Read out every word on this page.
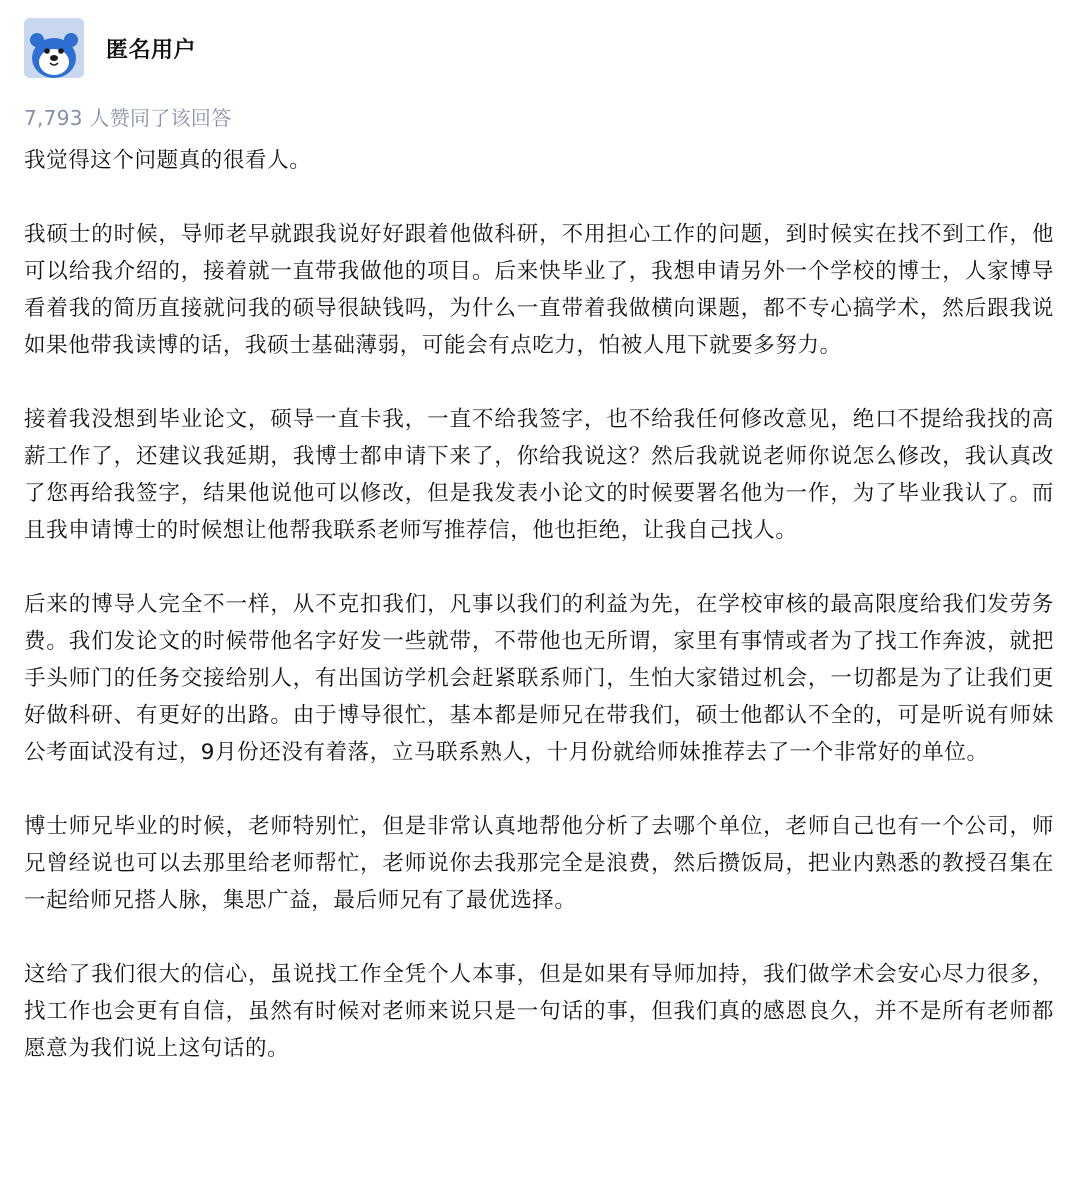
匿名用户
7,793 人赞同了该回答

我觉得这个问题真的很看人。

我硕士的时候，导师老早就跟我说好好跟着他做科研，不用担心工作的问题，到时候实在找不到工作，他可以给我介绍的，接着就一直带我做他的项目。后来快毕业了，我想申请另外一个学校的博士，人家博导看着我的简历直接就问我的硕导很缺钱吗，为什么一直带着我做横向课题，都不专心搞学术，然后跟我说如果他带我读博的话，我硕士基础薄弱，可能会有点吃力，怕被人甩下就要多努力。

接着我没想到毕业论文，硕导一直卡我，一直不给我签字，也不给我任何修改意见，绝口不提给我找的高薪工作了，还建议我延期，我博士都申请下来了，你给我说这？然后我就说老师你说怎么修改，我认真改了您再给我签字，结果他说他可以修改，但是我发表小论文的时候要署名他为一作，为了毕业我认了。而且我申请博士的时候想让他帮我联系老师写推荐信，他也拒绝，让我自己找人。

后来的博导人完全不一样，从不克扣我们，凡事以我们的利益为先，在学校审核的最高限度给我们发劳务费。我们发论文的时候带他名字好发一些就带，不带他也无所谓，家里有事情或者为了找工作奔波，就把手头师门的任务交接给别人，有出国访学机会赶紧联系师门，生怕大家错过机会，一切都是为了让我们更好做科研、有更好的出路。由于博导很忙，基本都是师兄在带我们，硕士他都认不全的，可是听说有师妹公考面试没有过，9月份还没有着落，立马联系熟人，十月份就给师妹推荐去了一个非常好的单位。

博士师兄毕业的时候，老师特别忙，但是非常认真地帮他分析了去哪个单位，老师自己也有一个公司，师兄曾经说也可以去那里给老师帮忙，老师说你去我那完全是浪费，然后攒饭局，把业内熟悉的教授召集在一起给师兄搭人脉，集思广益，最后师兄有了最优选择。

这给了我们很大的信心，虽说找工作全凭个人本事，但是如果有导师加持，我们做学术会安心尽力很多，找工作也会更有自信，虽然有时候对老师来说只是一句话的事，但我们真的感恩良久，并不是所有老师都愿意为我们说上这句话的。
